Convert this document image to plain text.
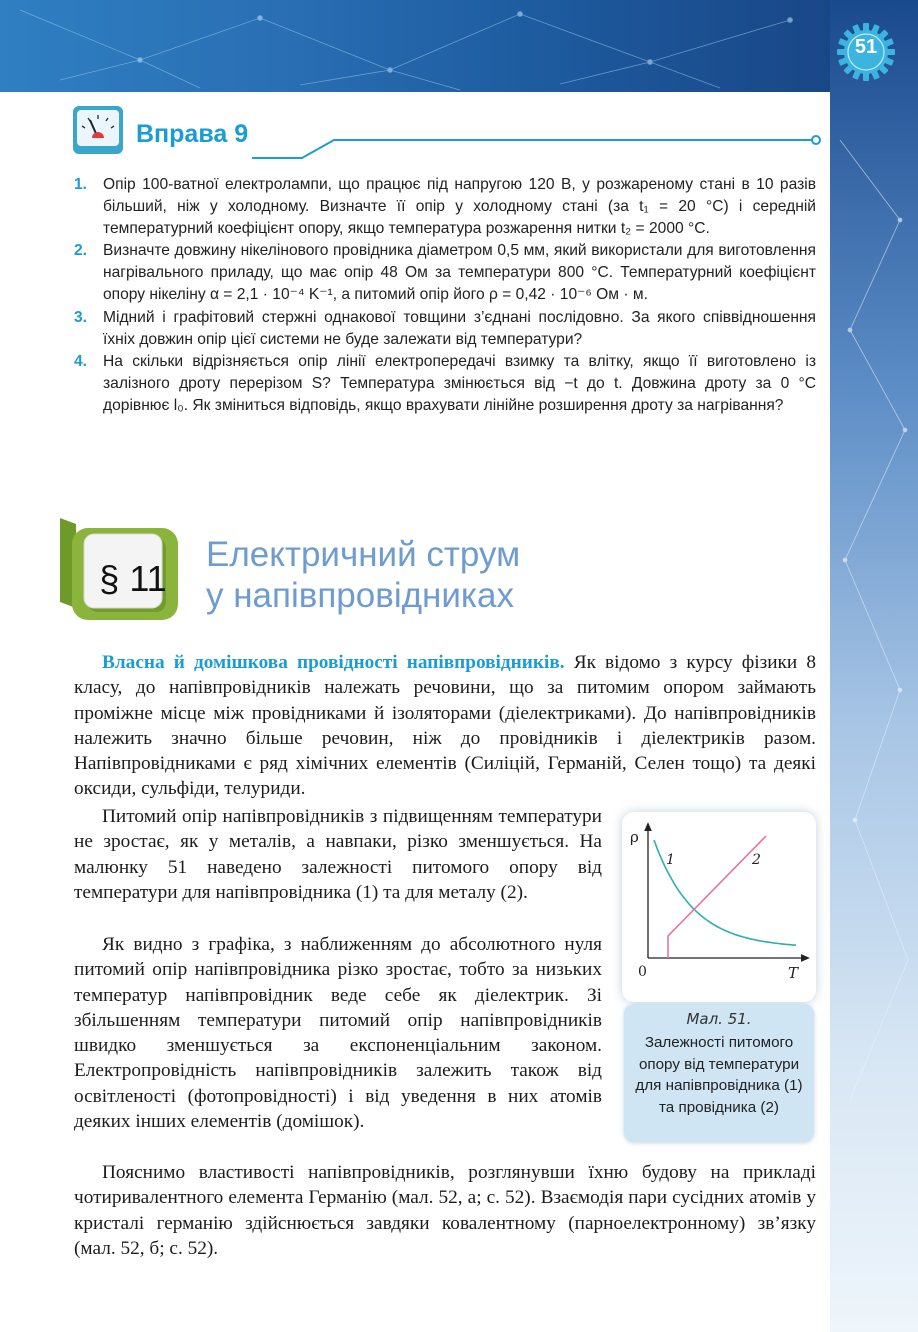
51
Вправа 9
1. Опір 100-ватної електролампи, що працює під напругою 120 В, у розжареному стані в 10 разів більший, ніж у холодному. Визначте її опір у холодному стані (за t₁ = 20 °C) і середній температурний коефіцієнт опору, якщо температура розжарення нитки t₂ = 2000 °C.
2. Визначте довжину нікелінового провідника діаметром 0,5 мм, який використали для виготовлення нагрівального приладу, що має опір 48 Ом за температури 800 °C. Температурний коефіцієнт опору нікеліну α = 2,1 · 10⁻⁴ K⁻¹, а питомий опір його ρ = 0,42 · 10⁻⁶ Ом · м.
3. Мідний і графітовий стержні однакової товщини з’єднані послідовно. За якого співвідношення їхніх довжин опір цієї системи не буде залежати від температури?
4. На скільки відрізняється опір лінії електропередачі взимку та влітку, якщо її виготовлено із залізного дроту перерізом S? Температура змінюється від −t до t. Довжина дроту за 0 °C дорівнює l₀. Як зміниться відповідь, якщо врахувати лінійне розширення дроту за нагрівання?
§ 11
Електричний струм
у напівпровідниках

Власна й домішкова провідності напівпровідників. Як відомо з курсу фізики 8 класу, до напівпровідників належать речовини, що за питомим опором займають проміжне місце між провідниками й ізоляторами (діелектриками). До напівпровідників належить значно більше речовин, ніж до провідників і діелектриків разом. Напівпровідниками є ряд хімічних елементів (Силіцій, Германій, Селен тощо) та деякі оксиди, сульфіди, телуриди.

Питомий опір напівпровідників з підвищенням температури не зростає, як у металів, а навпаки, різко зменшується. На малюнку 51 наведено залежності питомого опору від температури для напівпровідника (1) та для металу (2).

Як видно з графіка, з наближенням до абсолютного нуля питомий опір напівпровідника різко зростає, тобто за низьких температур напівпровідник веде себе як діелектрик. Зі збільшенням температури питомий опір напівпровідників швидко зменшується за експоненціальним законом. Електропровідність напівпровідників залежить також від освітленості (фотопровідності) і від уведення в них атомів деяких інших елементів (домішок).

Пояснимо властивості напівпровідників, розглянувши їхню будову на прикладі чотиривалентного елемента Германію (мал. 52, а; с. 52). Взаємодія пари сусідних атомів у кристалі германію здійснюється завдяки ковалентному (парноелектронному) зв’язку (мал. 52, б; с. 52).

ρ
T
0
1	2
Мал. 51.
Залежності питомого опору від температури для напівпровідника (1) та провідника (2)
